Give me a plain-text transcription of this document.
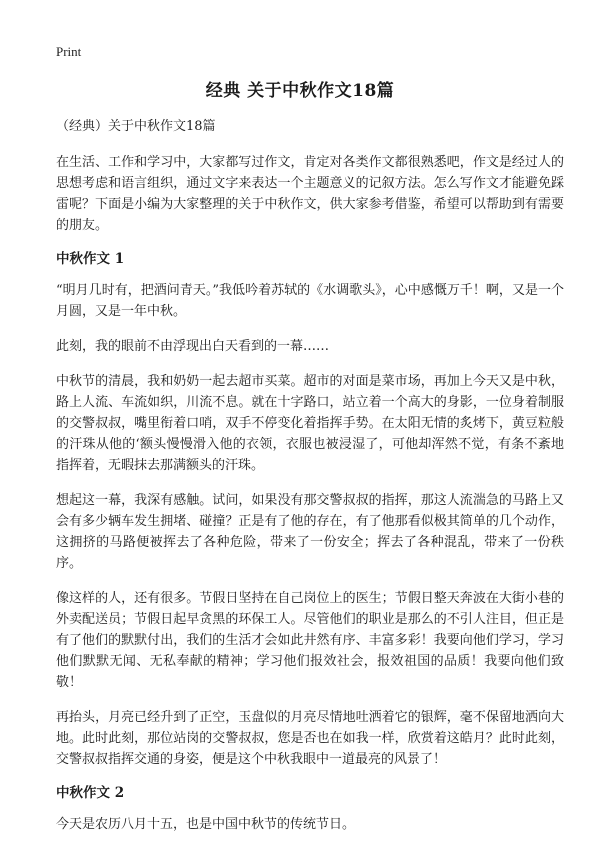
Print
经典 关于中秋作文18篇
（经典）关于中秋作文18篇

在生活、工作和学习中，大家都写过作文，肯定对各类作文都很熟悉吧，作文是经过人的思想考虑和语言组织，通过文字来表达一个主题意义的记叙方法。怎么写作文才能避免踩雷呢？下面是小编为大家整理的关于中秋作文，供大家参考借鉴，希望可以帮助到有需要的朋友。

中秋作文 1

“明月几时有，把酒问青天。”我低吟着苏轼的《水调歌头》，心中感慨万千！啊，又是一个月圆，又是一年中秋。

此刻，我的眼前不由浮现出白天看到的一幕……

中秋节的清晨，我和奶奶一起去超市买菜。超市的对面是菜市场，再加上今天又是中秋，路上人流、车流如织，川流不息。就在十字路口，站立着一个高大的身影，一位身着制服的交警叔叔，嘴里衔着口哨，双手不停变化着指挥手势。在太阳无情的炙烤下，黄豆粒般的汗珠从他的‘额头慢慢滑入他的衣领，衣服也被浸湿了，可他却浑然不觉，有条不紊地指挥着，无暇抹去那满额头的汗珠。

想起这一幕，我深有感触。试问，如果没有那交警叔叔的指挥，那这人流湍急的马路上又会有多少辆车发生拥堵、碰撞？正是有了他的存在，有了他那看似极其简单的几个动作，这拥挤的马路便被挥去了各种危险，带来了一份安全；挥去了各种混乱，带来了一份秩序。

像这样的人，还有很多。节假日坚持在自己岗位上的医生；节假日整天奔波在大街小巷的外卖配送员；节假日起早贪黑的环保工人。尽管他们的职业是那么的不引人注目，但正是有了他们的默默付出，我们的生活才会如此井然有序、丰富多彩！我要向他们学习，学习他们默默无闻、无私奉献的精神；学习他们报效社会，报效祖国的品质！我要向他们致敬！

再抬头，月亮已经升到了正空，玉盘似的月亮尽情地吐洒着它的银辉，毫不保留地洒向大地。此时此刻，那位站岗的交警叔叔，您是否也在如我一样，欣赏着这皓月？此时此刻，交警叔叔指挥交通的身姿，便是这个中秋我眼中一道最亮的风景了！

中秋作文 2

今天是农历八月十五，也是中国中秋节的传统节日。
